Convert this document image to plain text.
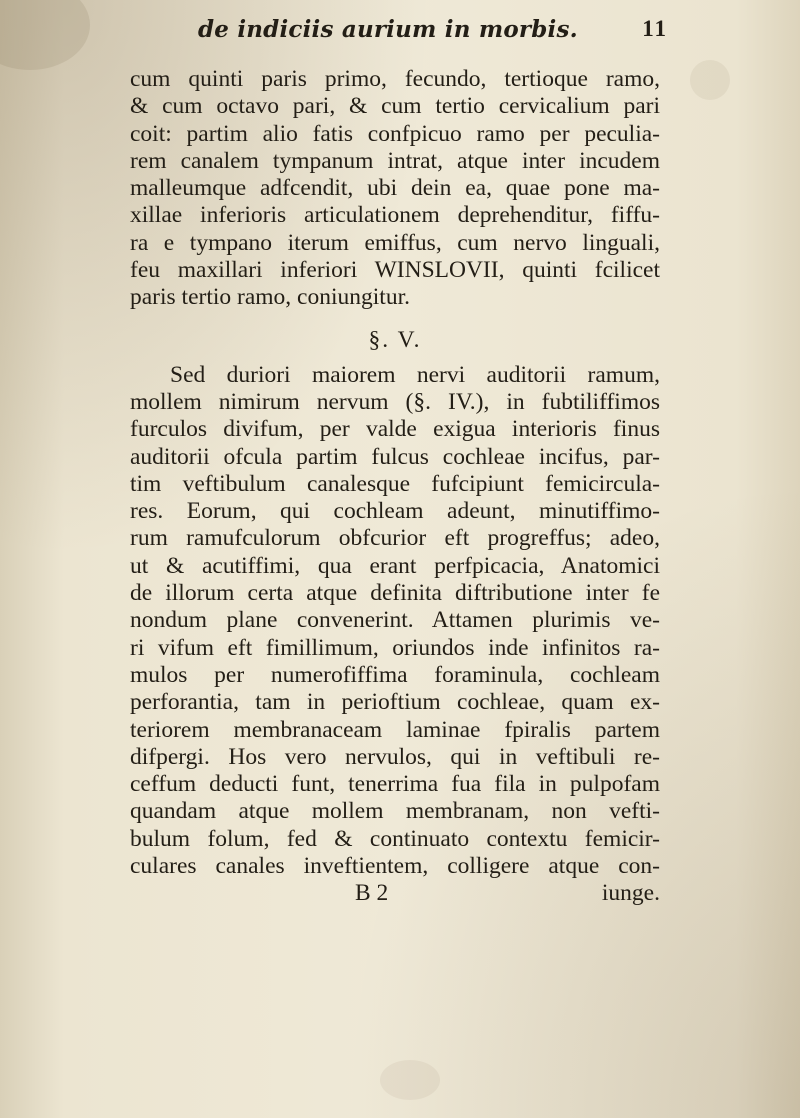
de indiciis aurium in morbis.	11
cum quinti paris primo, fecundo, tertioque ramo,
& cum octavo pari, & cum tertio cervicalium pari
coit: partim alio fatis confpicuo ramo per peculia-
rem canalem tympanum intrat, atque inter incudem
malleumque adfcendit, ubi dein ea, quae pone ma-
xillae inferioris articulationem deprehenditur, fiffu-
ra e tympano iterum emiffus, cum nervo linguali,
feu maxillari inferiori WINSLOVII, quinti fcilicet
paris tertio ramo, coniungitur.
§. V.
Sed duriori maiorem nervi auditorii ramum,
mollem nimirum nervum (§. IV.), in fubtiliffimos
furculos divifum, per valde exigua interioris finus
auditorii ofcula partim fulcus cochleae incifus, par-
tim veftibulum canalesque fufcipiunt femicircula-
res. Eorum, qui cochleam adeunt, minutiffimo-
rum ramufculorum obfcurior eft progreffus; adeo,
ut & acutiffimi, qua erant perfpicacia, Anatomici
de illorum certa atque definita diftributione inter fe
nondum plane convenerint. Attamen plurimis ve-
ri vifum eft fimillimum, oriundos inde infinitos ra-
mulos per numerofiffima foraminula, cochleam
perforantia, tam in perioftium cochleae, quam ex-
teriorem membranaceam laminae fpiralis partem
difpergi. Hos vero nervulos, qui in veftibuli re-
ceffum deducti funt, tenerrima fua fila in pulpofam
quandam atque mollem membranam, non vefti-
bulum folum, fed & continuato contextu femicir-
culares canales inveftientem, colligere atque con-
B 2	iunge.
